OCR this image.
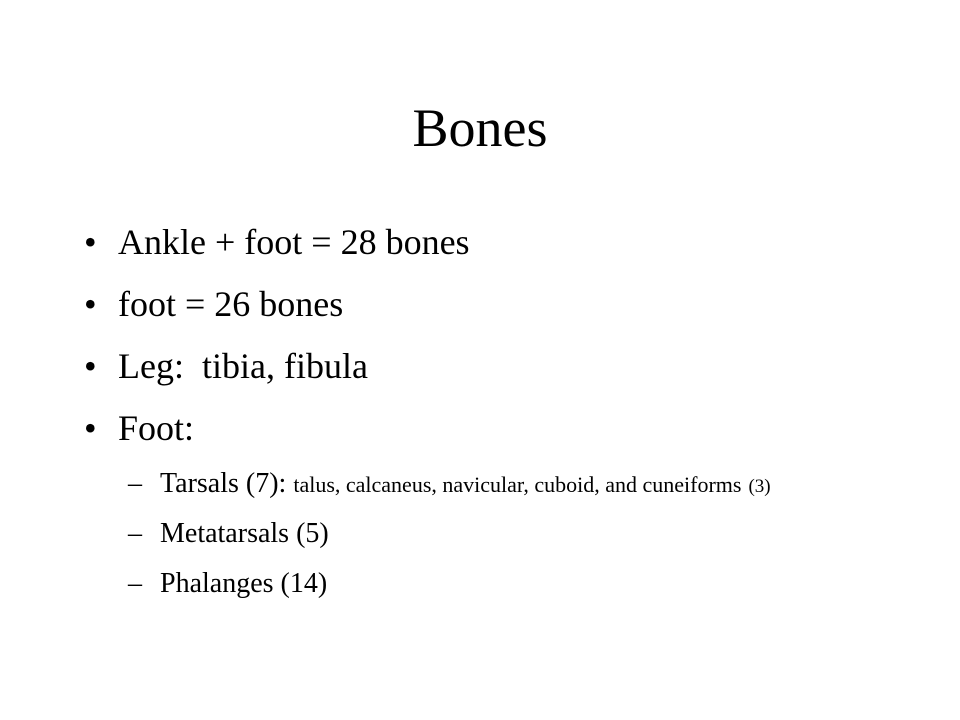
Bones
• Ankle + foot = 28 bones
• foot = 26 bones
• Leg:  tibia, fibula
• Foot:
– Tarsals (7): talus, calcaneus, navicular, cuboid, and cuneiforms (3)
– Metatarsals (5)
– Phalanges (14)
